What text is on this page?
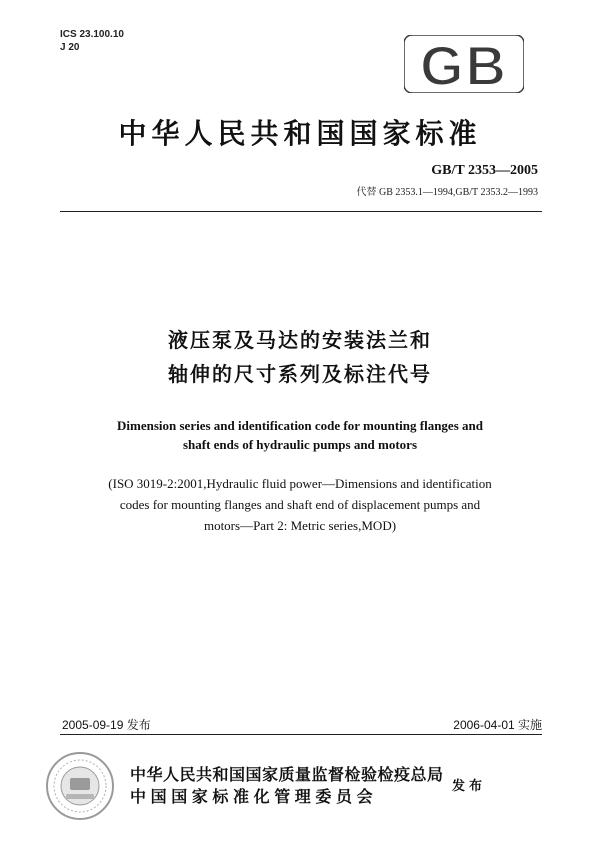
ICS 23.100.10
J 20	GB
中华人民共和国国家标准
GB/T 2353—2005
代替 GB 2353.1—1994,GB/T 2353.2—1993
液压泵及马达的安装法兰和
轴伸的尺寸系列及标注代号
Dimension series and identification code for mounting flanges and
shaft ends of hydraulic pumps and motors
(ISO 3019-2:2001,Hydraulic fluid power—Dimensions and identification
codes for mounting flanges and shaft end of displacement pumps and
motors—Part 2: Metric series,MOD)
2005-09-19 发布	2006-04-01 实施
中华人民共和国国家质量监督检验检疫总局
中国国家标准化管理委员会
发布
